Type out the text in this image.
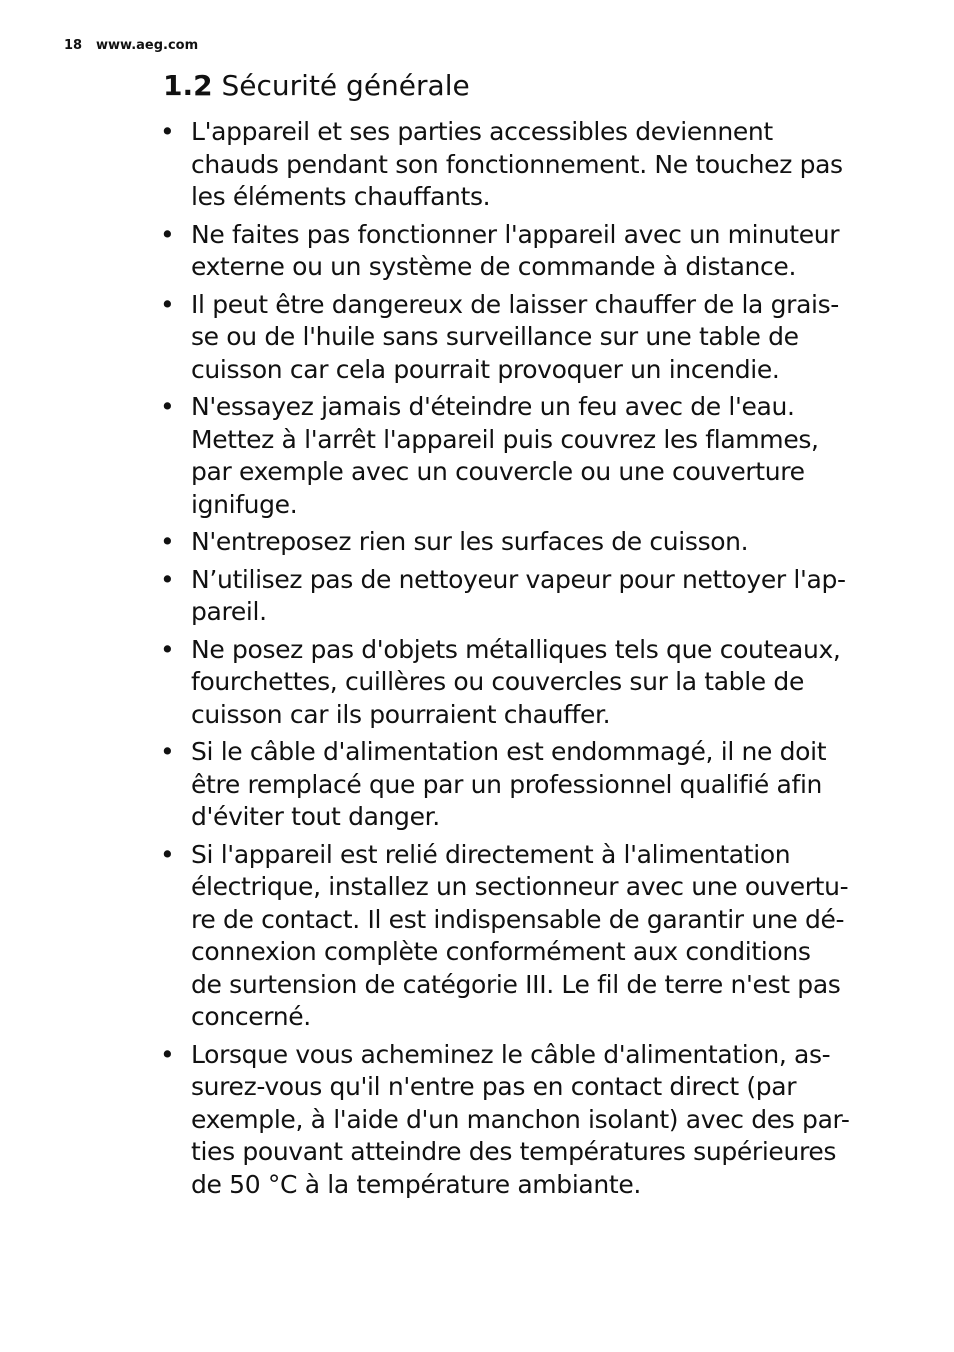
18 www.aeg.com
1.2 Sécurité générale
• L'appareil et ses parties accessibles deviennent
chauds pendant son fonctionnement. Ne touchez pas
les éléments chauffants.
• Ne faites pas fonctionner l'appareil avec un minuteur
externe ou un système de commande à distance.
• Il peut être dangereux de laisser chauffer de la grais-
se ou de l'huile sans surveillance sur une table de
cuisson car cela pourrait provoquer un incendie.
• N'essayez jamais d'éteindre un feu avec de l'eau.
Mettez à l'arrêt l'appareil puis couvrez les flammes,
par exemple avec un couvercle ou une couverture
ignifuge.
• N'entreposez rien sur les surfaces de cuisson.
• N’utilisez pas de nettoyeur vapeur pour nettoyer l'ap-
pareil.
• Ne posez pas d'objets métalliques tels que couteaux,
fourchettes, cuillères ou couvercles sur la table de
cuisson car ils pourraient chauffer.
• Si le câble d'alimentation est endommagé, il ne doit
être remplacé que par un professionnel qualifié afin
d'éviter tout danger.
• Si l'appareil est relié directement à l'alimentation
électrique, installez un sectionneur avec une ouvertu-
re de contact. Il est indispensable de garantir une dé-
connexion complète conformément aux conditions
de surtension de catégorie III. Le fil de terre n'est pas
concerné.
• Lorsque vous acheminez le câble d'alimentation, as-
surez-vous qu'il n'entre pas en contact direct (par
exemple, à l'aide d'un manchon isolant) avec des par-
ties pouvant atteindre des températures supérieures
de 50 °C à la température ambiante.
